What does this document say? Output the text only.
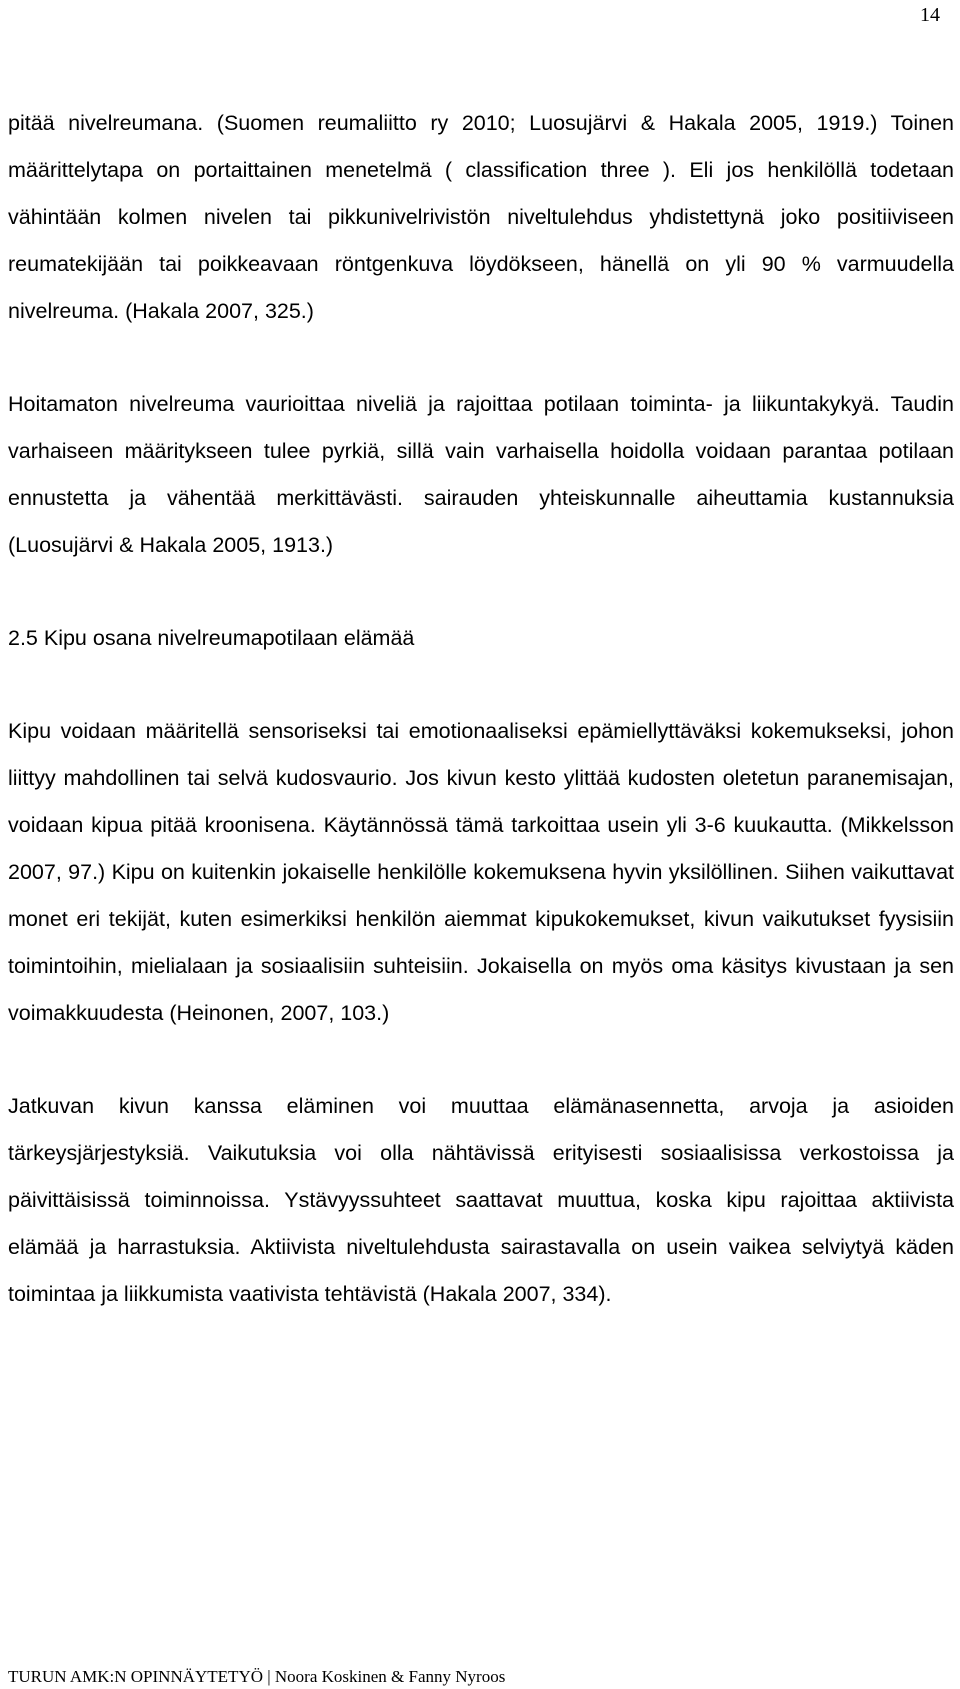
14

pitää nivelreumana. (Suomen reumaliitto ry 2010; Luosujärvi & Hakala 2005, 1919.) Toinen määrittelytapa on portaittainen menetelmä ( classification three ). Eli jos henkilöllä todetaan vähintään kolmen nivelen tai pikkunivelrivistön niveltulehdus yhdistettynä joko positiiviseen reumatekijään tai poikkeavaan röntgenkuva löydökseen, hänellä on yli 90 % varmuudella nivelreuma. (Hakala 2007, 325.)

Hoitamaton nivelreuma vaurioittaa niveliä ja rajoittaa potilaan toiminta- ja liikuntakykyä. Taudin varhaiseen määritykseen tulee pyrkiä, sillä vain varhaisella hoidolla voidaan parantaa potilaan ennustetta ja vähentää merkittävästi. sairauden yhteiskunnalle aiheuttamia kustannuksia (Luosujärvi & Hakala 2005, 1913.)

2.5 Kipu osana nivelreumapotilaan elämää

Kipu voidaan määritellä sensoriseksi tai emotionaaliseksi epämiellyttäväksi kokemukseksi, johon liittyy mahdollinen tai selvä kudosvaurio. Jos kivun kesto ylittää kudosten oletetun paranemisajan, voidaan kipua pitää kroonisena. Käytännössä tämä tarkoittaa usein yli 3-6 kuukautta. (Mikkelsson 2007, 97.) Kipu on kuitenkin jokaiselle henkilölle kokemuksena hyvin yksilöllinen. Siihen vaikuttavat monet eri tekijät, kuten esimerkiksi henkilön aiemmat kipukokemukset, kivun vaikutukset fyysisiin toimintoihin, mielialaan ja sosiaalisiin suhteisiin. Jokaisella on myös oma käsitys kivustaan ja sen voimakkuudesta (Heinonen, 2007, 103.)

Jatkuvan kivun kanssa eläminen voi muuttaa elämänasennetta, arvoja ja asioiden tärkeysjärjestyksiä. Vaikutuksia voi olla nähtävissä erityisesti sosiaalisissa verkostoissa ja päivittäisissä toiminnoissa. Ystävyyssuhteet saattavat muuttua, koska kipu rajoittaa aktiivista elämää ja harrastuksia. Aktiivista niveltulehdusta sairastavalla on usein vaikea selviytyä käden toimintaa ja liikkumista vaativista tehtävistä (Hakala 2007, 334).

TURUN AMK:N OPINNÄYTETYÖ | Noora Koskinen & Fanny Nyroos
